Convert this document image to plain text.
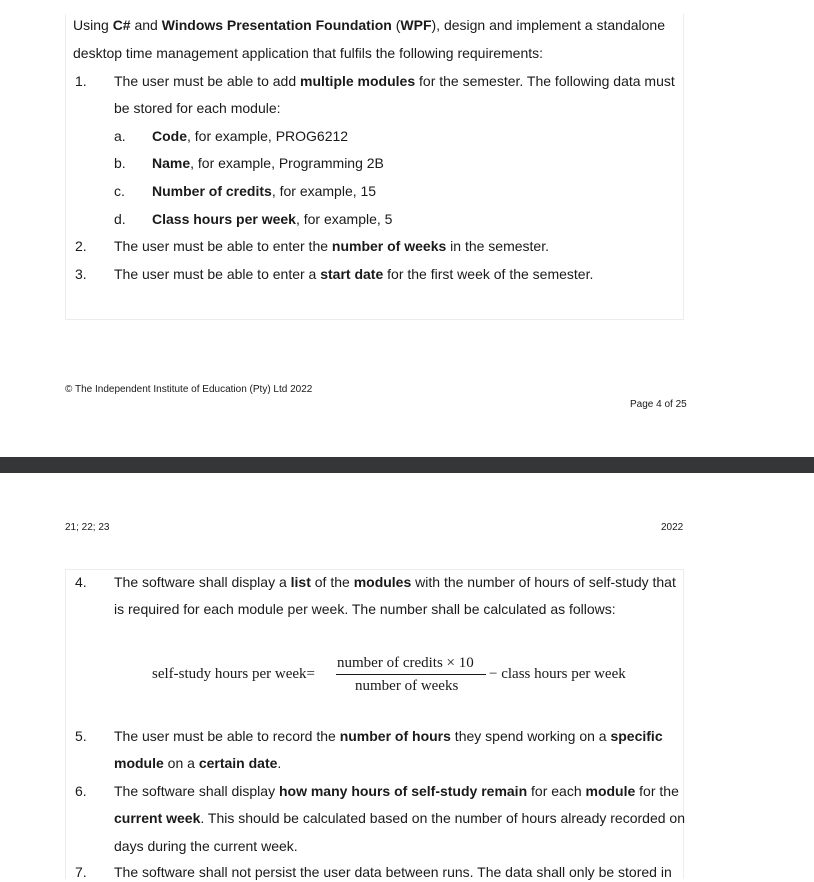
Using C# and Windows Presentation Foundation (WPF), design and implement a standalone
desktop time management application that fulfils the following requirements:
1. The user must be able to add multiple modules for the semester. The following data must
be stored for each module:
a. Code, for example, PROG6212
b. Name, for example, Programming 2B
c. Number of credits, for example, 15
d. Class hours per week, for example, 5
2. The user must be able to enter the number of weeks in the semester.
3. The user must be able to enter a start date for the first week of the semester.
© The Independent Institute of Education (Pty) Ltd 2022
Page 4 of 25
21; 22; 23	2022
4. The software shall display a list of the modules with the number of hours of self-study that
is required for each module per week. The number shall be calculated as follows:
self-study hours per week=
number of credits × 10
number of weeks
− class hours per week
5. The user must be able to record the number of hours they spend working on a specific
module on a certain date.
6. The software shall display how many hours of self-study remain for each module for the
current week. This should be calculated based on the number of hours already recorded on
days during the current week.
7. The software shall not persist the user data between runs. The data shall only be stored in
